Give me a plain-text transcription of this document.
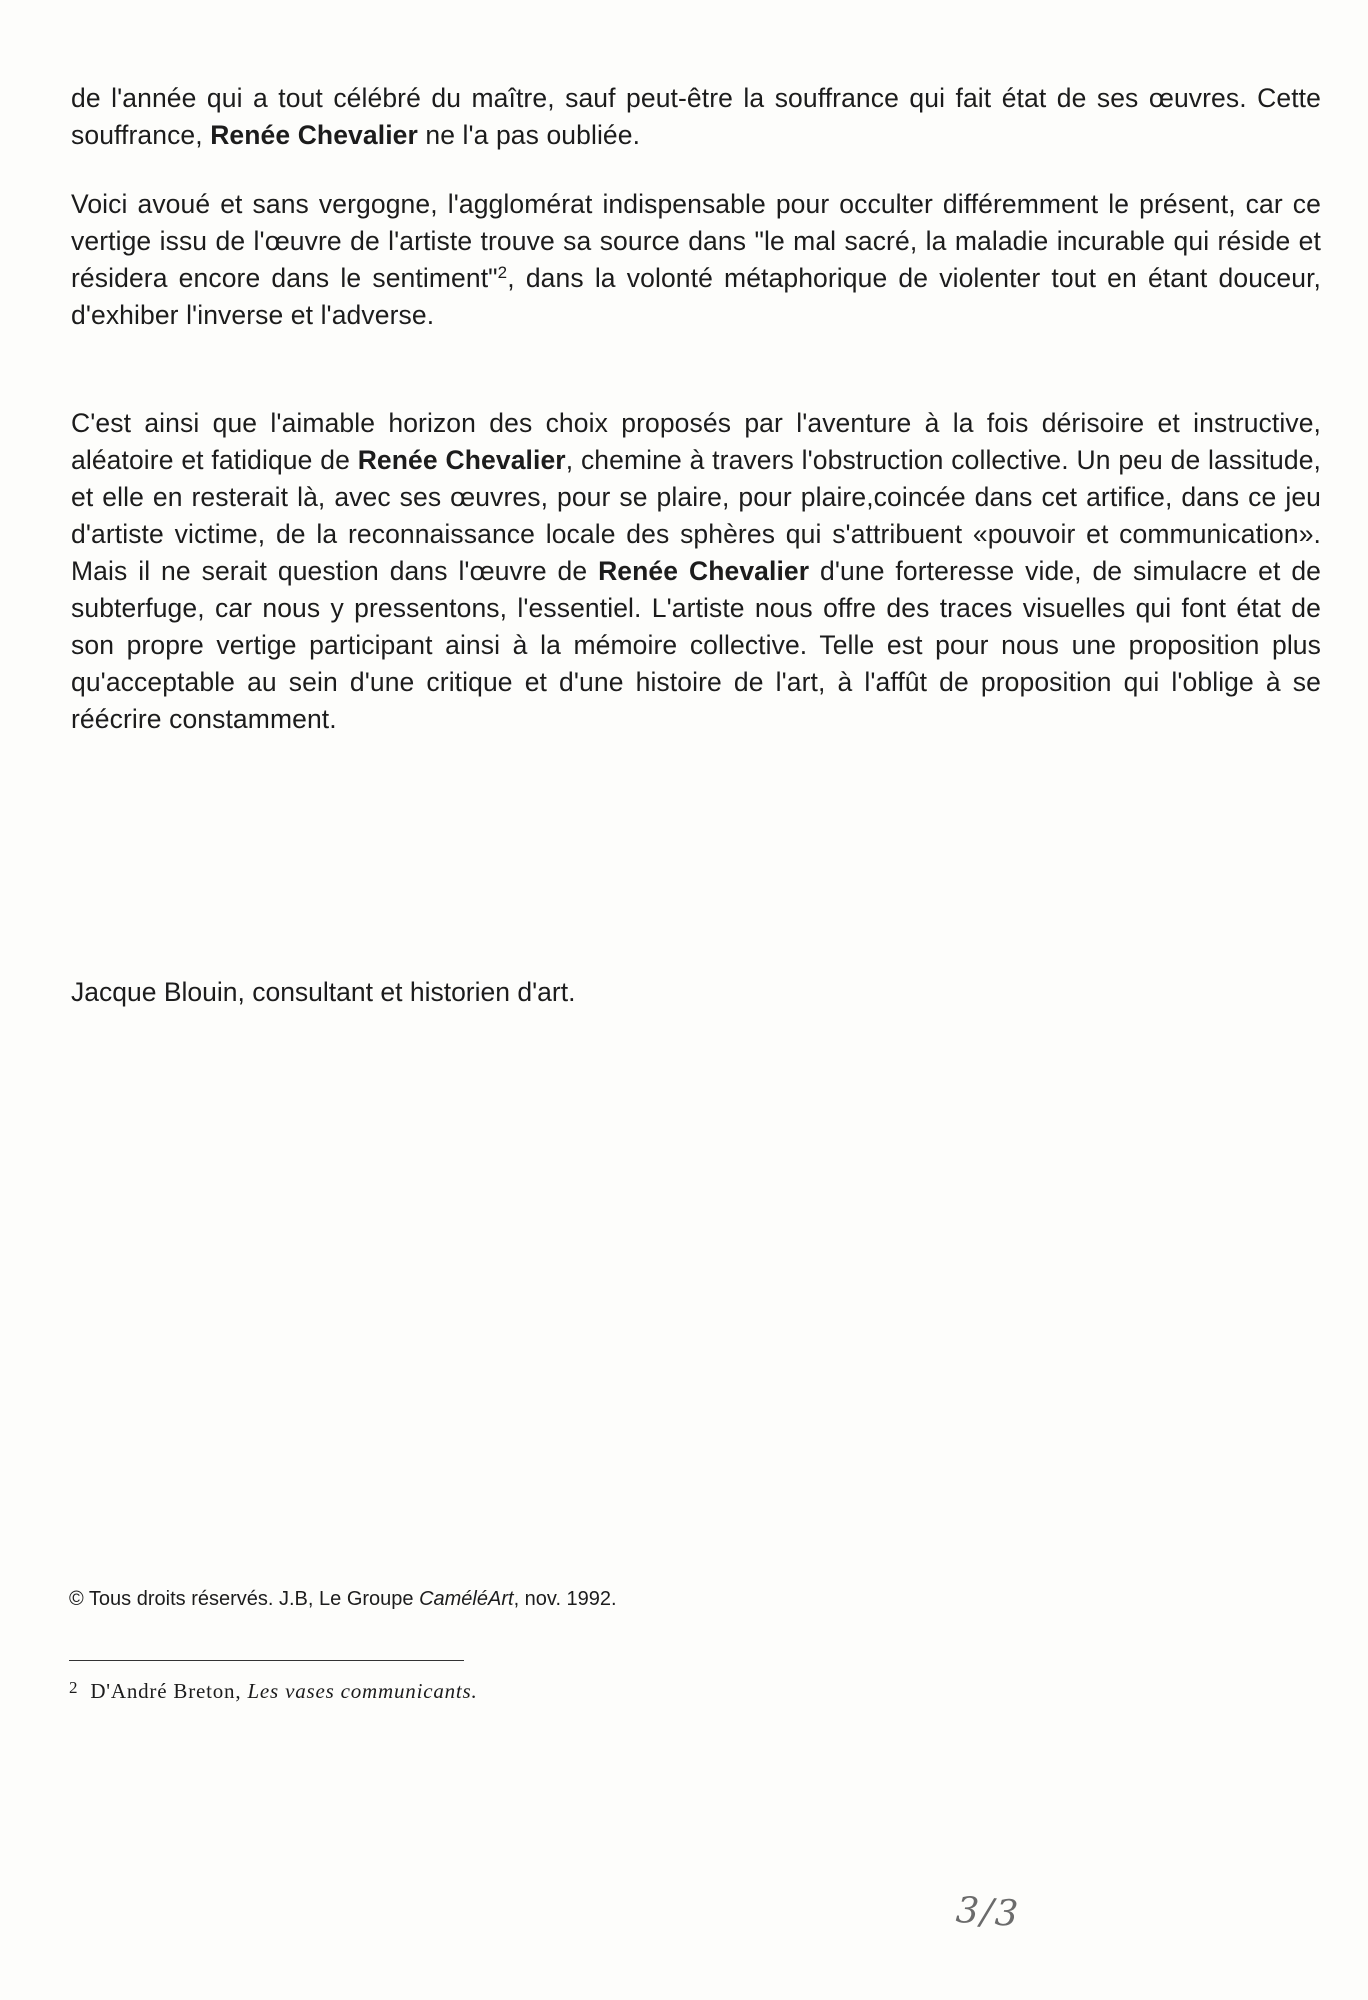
de l'année qui a tout célébré du maître, sauf peut-être la souffrance qui fait état de ses œuvres. Cette souffrance, Renée Chevalier ne l'a pas oubliée.

Voici avoué et sans vergogne, l'agglomérat indispensable pour occulter différemment le présent, car ce vertige issu de l'œuvre de l'artiste trouve sa source dans "le mal sacré, la maladie incurable qui réside et résidera encore dans le sentiment"$^2$, dans la volonté métaphorique de violenter tout en étant douceur, d'exhiber l'inverse et l'adverse.

C'est ainsi que l'aimable horizon des choix proposés par l'aventure à la fois dérisoire et instructive, aléatoire et fatidique de Renée Chevalier, chemine à travers l'obstruction collective. Un peu de lassitude, et elle en resterait là, avec ses œuvres, pour se plaire, pour plaire,coincée dans cet artifice, dans ce jeu d'artiste victime, de la reconnaissance locale des sphères qui s'attribuent «pouvoir et communication». Mais il ne serait question dans l'œuvre de Renée Chevalier d'une forteresse vide, de simulacre et de subterfuge, car nous y pressentons, l'essentiel. L'artiste nous offre des traces visuelles qui font état de son propre vertige participant ainsi à la mémoire collective. Telle est pour nous une proposition plus qu'acceptable au sein d'une critique et d'une histoire de l'art, à l'affût de proposition qui l'oblige à se réécrire constamment.

Jacque Blouin, consultant et historien d'art.
© Tous droits réservés. J.B, Le Groupe CaméléArt, nov. 1992.
$^2$ D'André Breton, Les vases communicants.
3/3
